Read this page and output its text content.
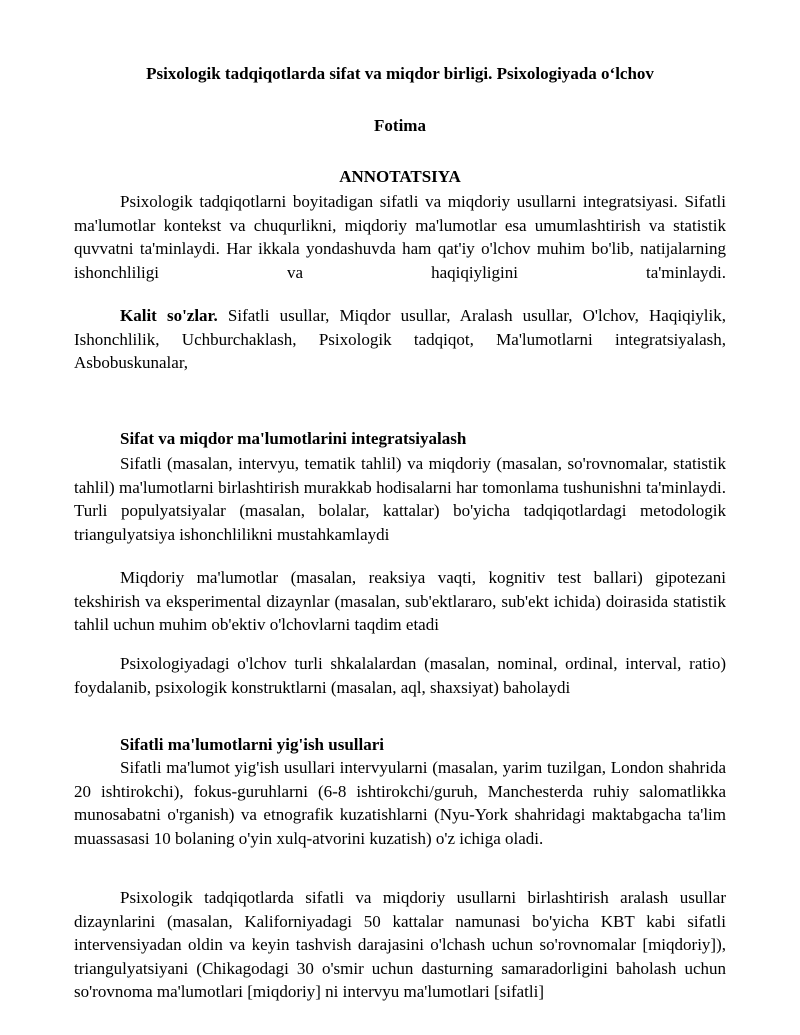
Psixologik tadqiqotlarda sifat va miqdor birligi. Psixologiyada o‘lchov
Fotima
ANNOTATSIYA

Psixologik tadqiqotlarni boyitadigan sifatli va miqdoriy usullarni integratsiyasi. Sifatli ma'lumotlar kontekst va chuqurlikni, miqdoriy ma'lumotlar esa umumlashtirish va statistik quvvatni ta'minlaydi. Har ikkala yondashuvda ham qat'iy o'lchov muhim bo'lib, natijalarning ishonchliligi va haqiqiyligini ta'minlaydi.

Kalit so'zlar. Sifatli usullar, Miqdor usullar, Aralash usullar, O'lchov, Haqiqiylik, Ishonchlilik, Uchburchaklash, Psixologik tadqiqot, Ma'lumotlarni integratsiyalash, Asbobuskunalar,

Sifat va miqdor ma'lumotlarini integratsiyalash

Sifatli (masalan, intervyu, tematik tahlil) va miqdoriy (masalan, so'rovnomalar, statistik tahlil) ma'lumotlarni birlashtirish murakkab hodisalarni har tomonlama tushunishni ta'minlaydi. Turli populyatsiyalar (masalan, bolalar, kattalar) bo'yicha tadqiqotlardagi metodologik triangulyatsiya ishonchlilikni mustahkamlaydi

Miqdoriy ma'lumotlar (masalan, reaksiya vaqti, kognitiv test ballari) gipotezani tekshirish va eksperimental dizaynlar (masalan, sub'ektlararo, sub'ekt ichida) doirasida statistik tahlil uchun muhim ob'ektiv o'lchovlarni taqdim etadi

Psixologiyadagi o'lchov turli shkalalardan (masalan, nominal, ordinal, interval, ratio) foydalanib, psixologik konstruktlarni (masalan, aql, shaxsiyat) baholaydi

Sifatli ma'lumotlarni yig'ish usullari

Sifatli ma'lumot yig'ish usullari intervyularni (masalan, yarim tuzilgan, London shahrida 20 ishtirokchi), fokus-guruhlarni (6-8 ishtirokchi/guruh, Manchesterda ruhiy salomatlikka munosabatni o'rganish) va etnografik kuzatishlarni (Nyu-York shahridagi maktabgacha ta'lim muassasasi 10 bolaning o'yin xulq-atvorini kuzatish) o'z ichiga oladi.

Psixologik tadqiqotlarda sifatli va miqdoriy usullarni birlashtirish aralash usullar dizaynlarini (masalan, Kaliforniyadagi 50 kattalar namunasi bo'yicha KBT kabi sifatli intervensiyadan oldin va keyin tashvish darajasini o'lchash uchun so'rovnomalar [miqdoriy]), triangulyatsiyani (Chikagodagi 30 o'smir uchun dasturning samaradorligini baholash uchun so'rovnoma ma'lumotlari [miqdoriy] ni intervyu ma'lumotlari [sifatli]
